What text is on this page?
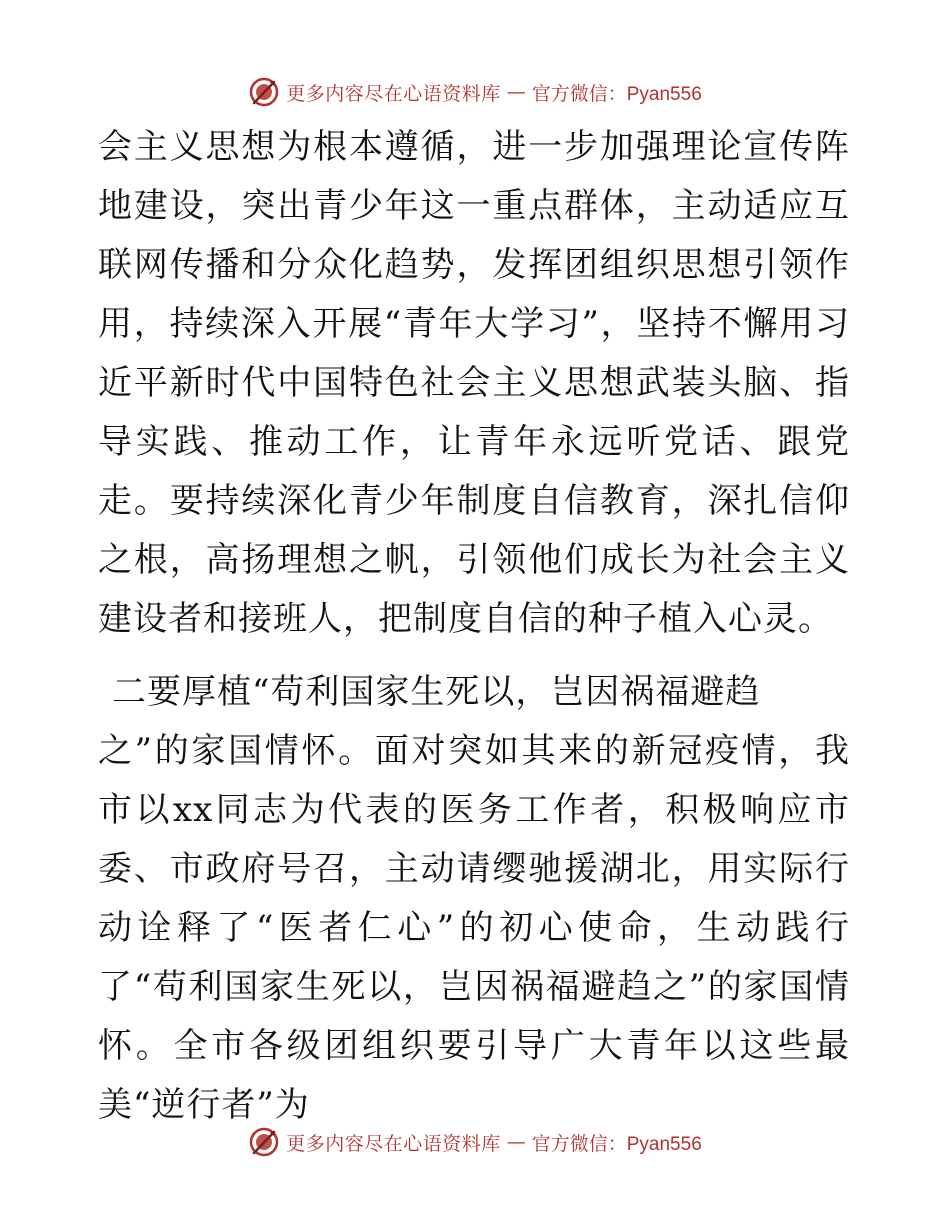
更多内容尽在心语资料库 — 官方微信：Pyan556

会主义思想为根本遵循，进一步加强理论宣传阵地建设，突出青少年这一重点群体，主动适应互联网传播和分众化趋势，发挥团组织思想引领作用，持续深入开展“青年大学习”，坚持不懈用习近平新时代中国特色社会主义思想武装头脑、指导实践、推动工作，让青年永远听党话、跟党走。要持续深化青少年制度自信教育，深扎信仰之根，高扬理想之帆，引领他们成长为社会主义建设者和接班人，把制度自信的种子植入心灵。

二要厚植“苟利国家生死以，岂因祸福避趋
之”的家国情怀。面对突如其来的新冠疫情，我市以xx同志为代表的医务工作者，积极响应市委、市政府号召，主动请缨驰援湖北，用实际行动诠释了“医者仁心”的初心使命，生动践行了“苟利国家生死以，岂因祸福避趋之”的家国情怀。全市各级团组织要引导广大青年以这些最美“逆行者”为

更多内容尽在心语资料库 — 官方微信：Pyan556
